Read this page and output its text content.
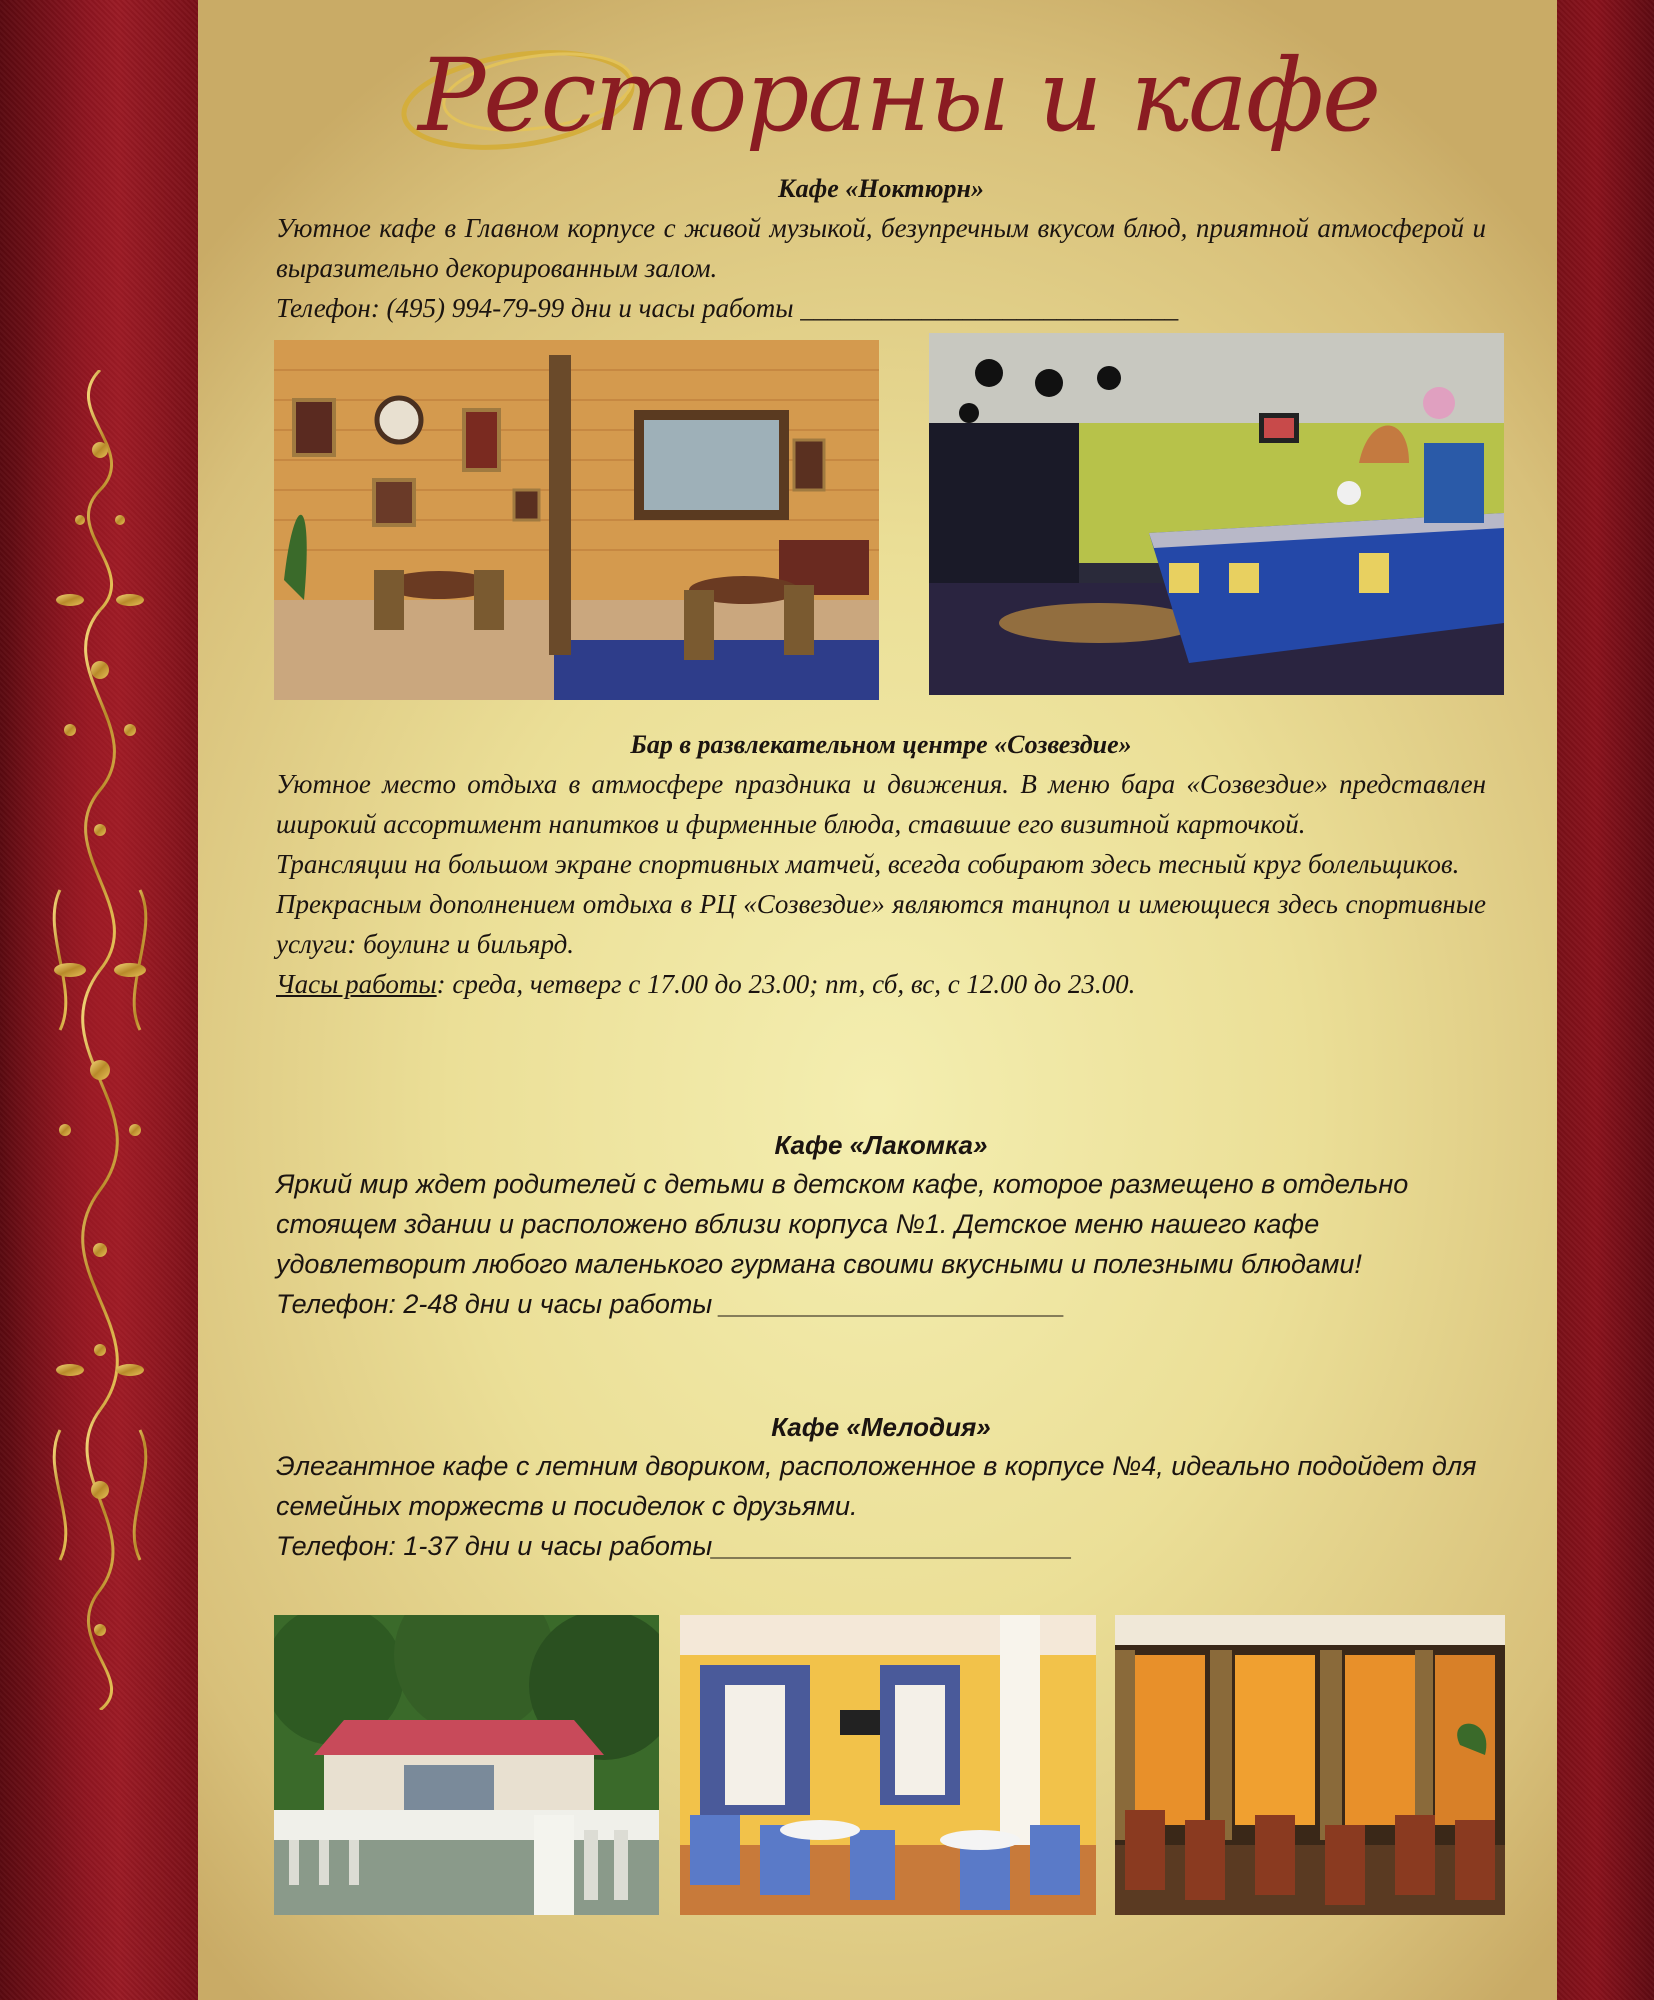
Рестораны и кафе
Кафе «Ноктюрн»
Уютное кафе в Главном корпусе с живой музыкой, безупречным вкусом блюд, приятной атмосферой и выразительно декорированным залом.
Телефон: (495) 994-79-99 дни и часы работы ____________________________
Бар в развлекательном центре «Созвездие»
Уютное место отдыха в атмосфере праздника и движения. В меню бара «Созвездие» представлен широкий ассортимент напитков и фирменные блюда, ставшие его визитной карточкой.
Трансляции на большом экране спортивных матчей, всегда собирают здесь тесный круг болельщиков.
Прекрасным дополнением отдыха в РЦ «Созвездие» являются танцпол и имеющиеся здесь спортивные услуги: боулинг и бильярд.
Часы работы: среда, четверг с 17.00 до 23.00; пт, сб, вс, с 12.00 до 23.00.
Кафе «Лакомка»
Яркий мир ждет родителей с детьми в детском кафе, которое размещено в отдельно стоящем здании и расположено вблизи корпуса №1. Детское меню нашего кафе удовлетворит любого маленького гурмана своими вкусными и полезными блюдами!
Телефон: 2-48 дни и часы работы _______________________
Кафе «Мелодия»
Элегантное кафе с летним двориком, расположенное в корпусе №4, идеально подойдет для семейных торжеств и посиделок с друзьями.
Телефон: 1-37 дни и часы работы________________________
